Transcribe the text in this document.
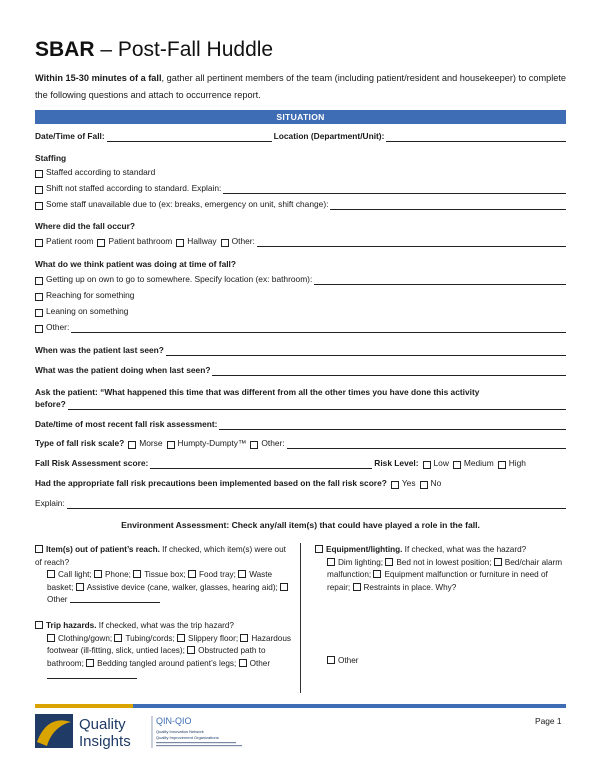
SBAR – Post-Fall Huddle
Within 15-30 minutes of a fall, gather all pertinent members of the team (including patient/resident and housekeeper) to complete the following questions and attach to occurrence report.
SITUATION
Date/Time of Fall:	Location (Department/Unit):
Staffing
Staffed according to standard
Shift not staffed according to standard. Explain:
Some staff unavailable due to (ex: breaks, emergency on unit, shift change):
Where did the fall occur?
Patient room Patient bathroom Hallway Other:
What do we think patient was doing at time of fall?
Getting up on own to go to somewhere. Specify location (ex: bathroom):
Reaching for something
Leaning on something
Other:
When was the patient last seen?
What was the patient doing when last seen?
Ask the patient: “What happened this time that was different from all the other times you have done this activity
before?
Date/time of most recent fall risk assessment:
Type of fall risk scale? Morse Humpty-Dumpty™ Other:
Fall Risk Assessment score:	Risk Level: Low Medium High
Had the appropriate fall risk precautions been implemented based on the fall risk score? Yes No
Explain:
Environment Assessment: Check any/all item(s) that could have played a role in the fall.
Item(s) out of patient’s reach. If checked, which item(s) were out of reach?
Call light; Phone; Tissue box; Food tray; Waste basket; Assistive device (cane, walker, glasses, hearing aid); Other
Trip hazards. If checked, what was the trip hazard?
Clothing/gown; Tubing/cords; Slippery floor; Hazardous footwear (ill-fitting, slick, untied laces); Obstructed path to bathroom; Bedding tangled around patient’s legs; Other
Equipment/lighting. If checked, what was the hazard?
Dim lighting; Bed not in lowest position; Bed/chair alarm malfunction; Equipment malfunction or furniture in need of repair; Restraints in place. Why?
Other
Quality
Insights
QIN-QIO
Quality Innovation Network
Quality Improvement Organizations
Page 1
